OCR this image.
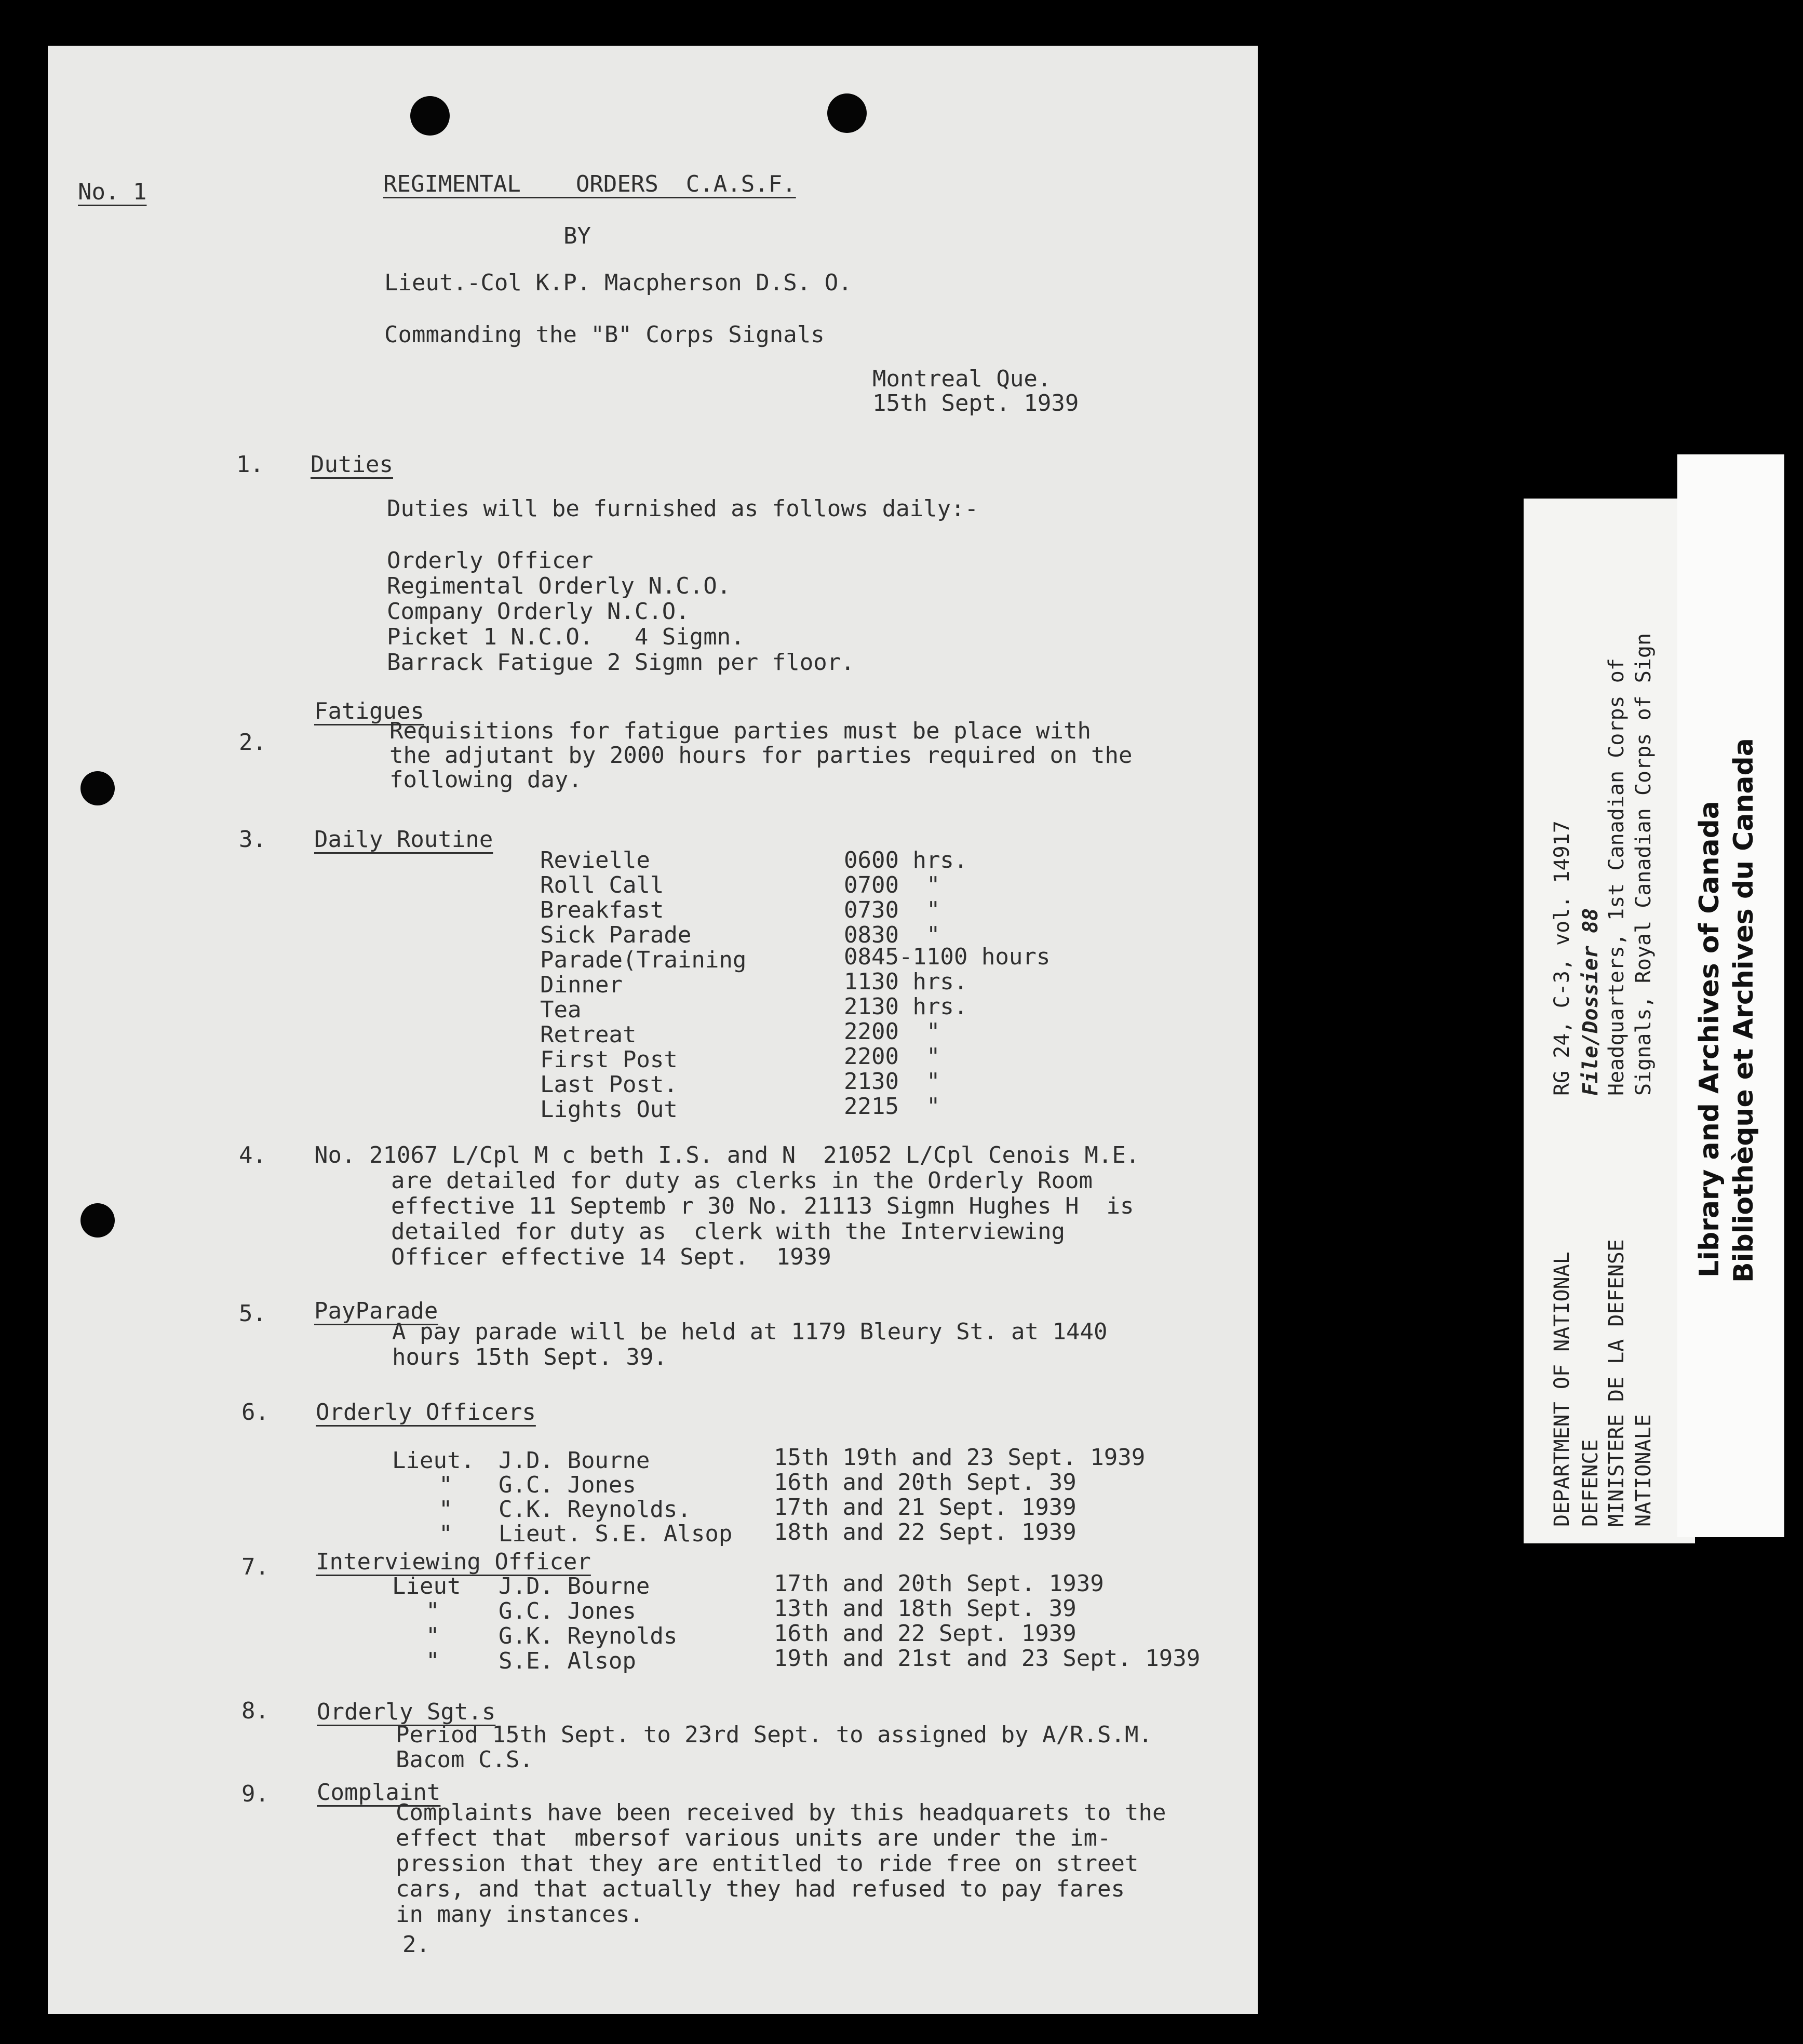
No. 1	REGIMENTAL    ORDERS  C.A.S.F.
BY
Lieut.-Col K.P. Macpherson D.S. O.
Commanding the "B" Corps Signals
Montreal Que.
15th Sept. 1939
1. Duties
Duties will be furnished as follows daily:-
Orderly Officer
Regimental Orderly N.C.O.
Company Orderly N.C.O.
Picket 1 N.C.O.   4 Sigmn.
Barrack Fatigue 2 Sigmn per floor.
Fatigues
2.	Requisitions for fatigue parties must be place with
the adjutant by 2000 hours for parties required on the
following day.
3. Daily Routine
Revielle	0600 hrs.
Roll Call	0700  "
Breakfast	0730  "
Sick Parade	0830  "
Parade(Training	0845-1100 hours
Dinner	1130 hrs.
Tea	2130 hrs.
Retreat	2200  "
First Post	2200  "
Last Post.	2130  "
Lights Out	2215  "
4. No. 21067 L/Cpl M c beth I.S. and N  21052 L/Cpl Cenois M.E.
are detailed for duty as clerks in the Orderly Room
effective 11 Septemb r 30 No. 21113 Sigmn Hughes H  is
detailed for duty as  clerk with the Interviewing
Officer effective 14 Sept.  1939
5. PayParade
A pay parade will be held at 1179 Bleury St. at 1440
hours 15th Sept. 39.
6. Orderly Officers
Lieut. J.D. Bourne	15th 19th and 23 Sept. 1939
" G.C. Jones	16th and 20th Sept. 39
" C.K. Reynolds.	17th and 21 Sept. 1939
" Lieut. S.E. Alsop 18th and 22 Sept. 1939
7. Interviewing Officer
Lieut J.D. Bourne	17th and 20th Sept. 1939
"	G.C. Jones	13th and 18th Sept. 39
"	G.K. Reynolds	16th and 22 Sept. 1939
"	S.E. Alsop	19th and 21st and 23 Sept. 1939
8. Orderly Sgt.s
Period 15th Sept. to 23rd Sept. to assigned by A/R.S.M.
Bacom C.S.
9. Complaint
Complaints have been received by this headquarets to the
effect that  mbersof various units are under the im-
pression that they are entitled to ride free on street
cars, and that actually they had refused to pay fares
in many instances.
2.
RG 24, C-3, vol. 14917 File/Dossier 88 Headquarters, 1st Canadian Corps of Signals, Royal Canadian Corps of Sign
DEPARTMENT OF NATIONAL DEFENCE MINISTERE DE LA DEFENSE NATIONALE
Library and Archives of Canada Bibliothèque et Archives du Canada
